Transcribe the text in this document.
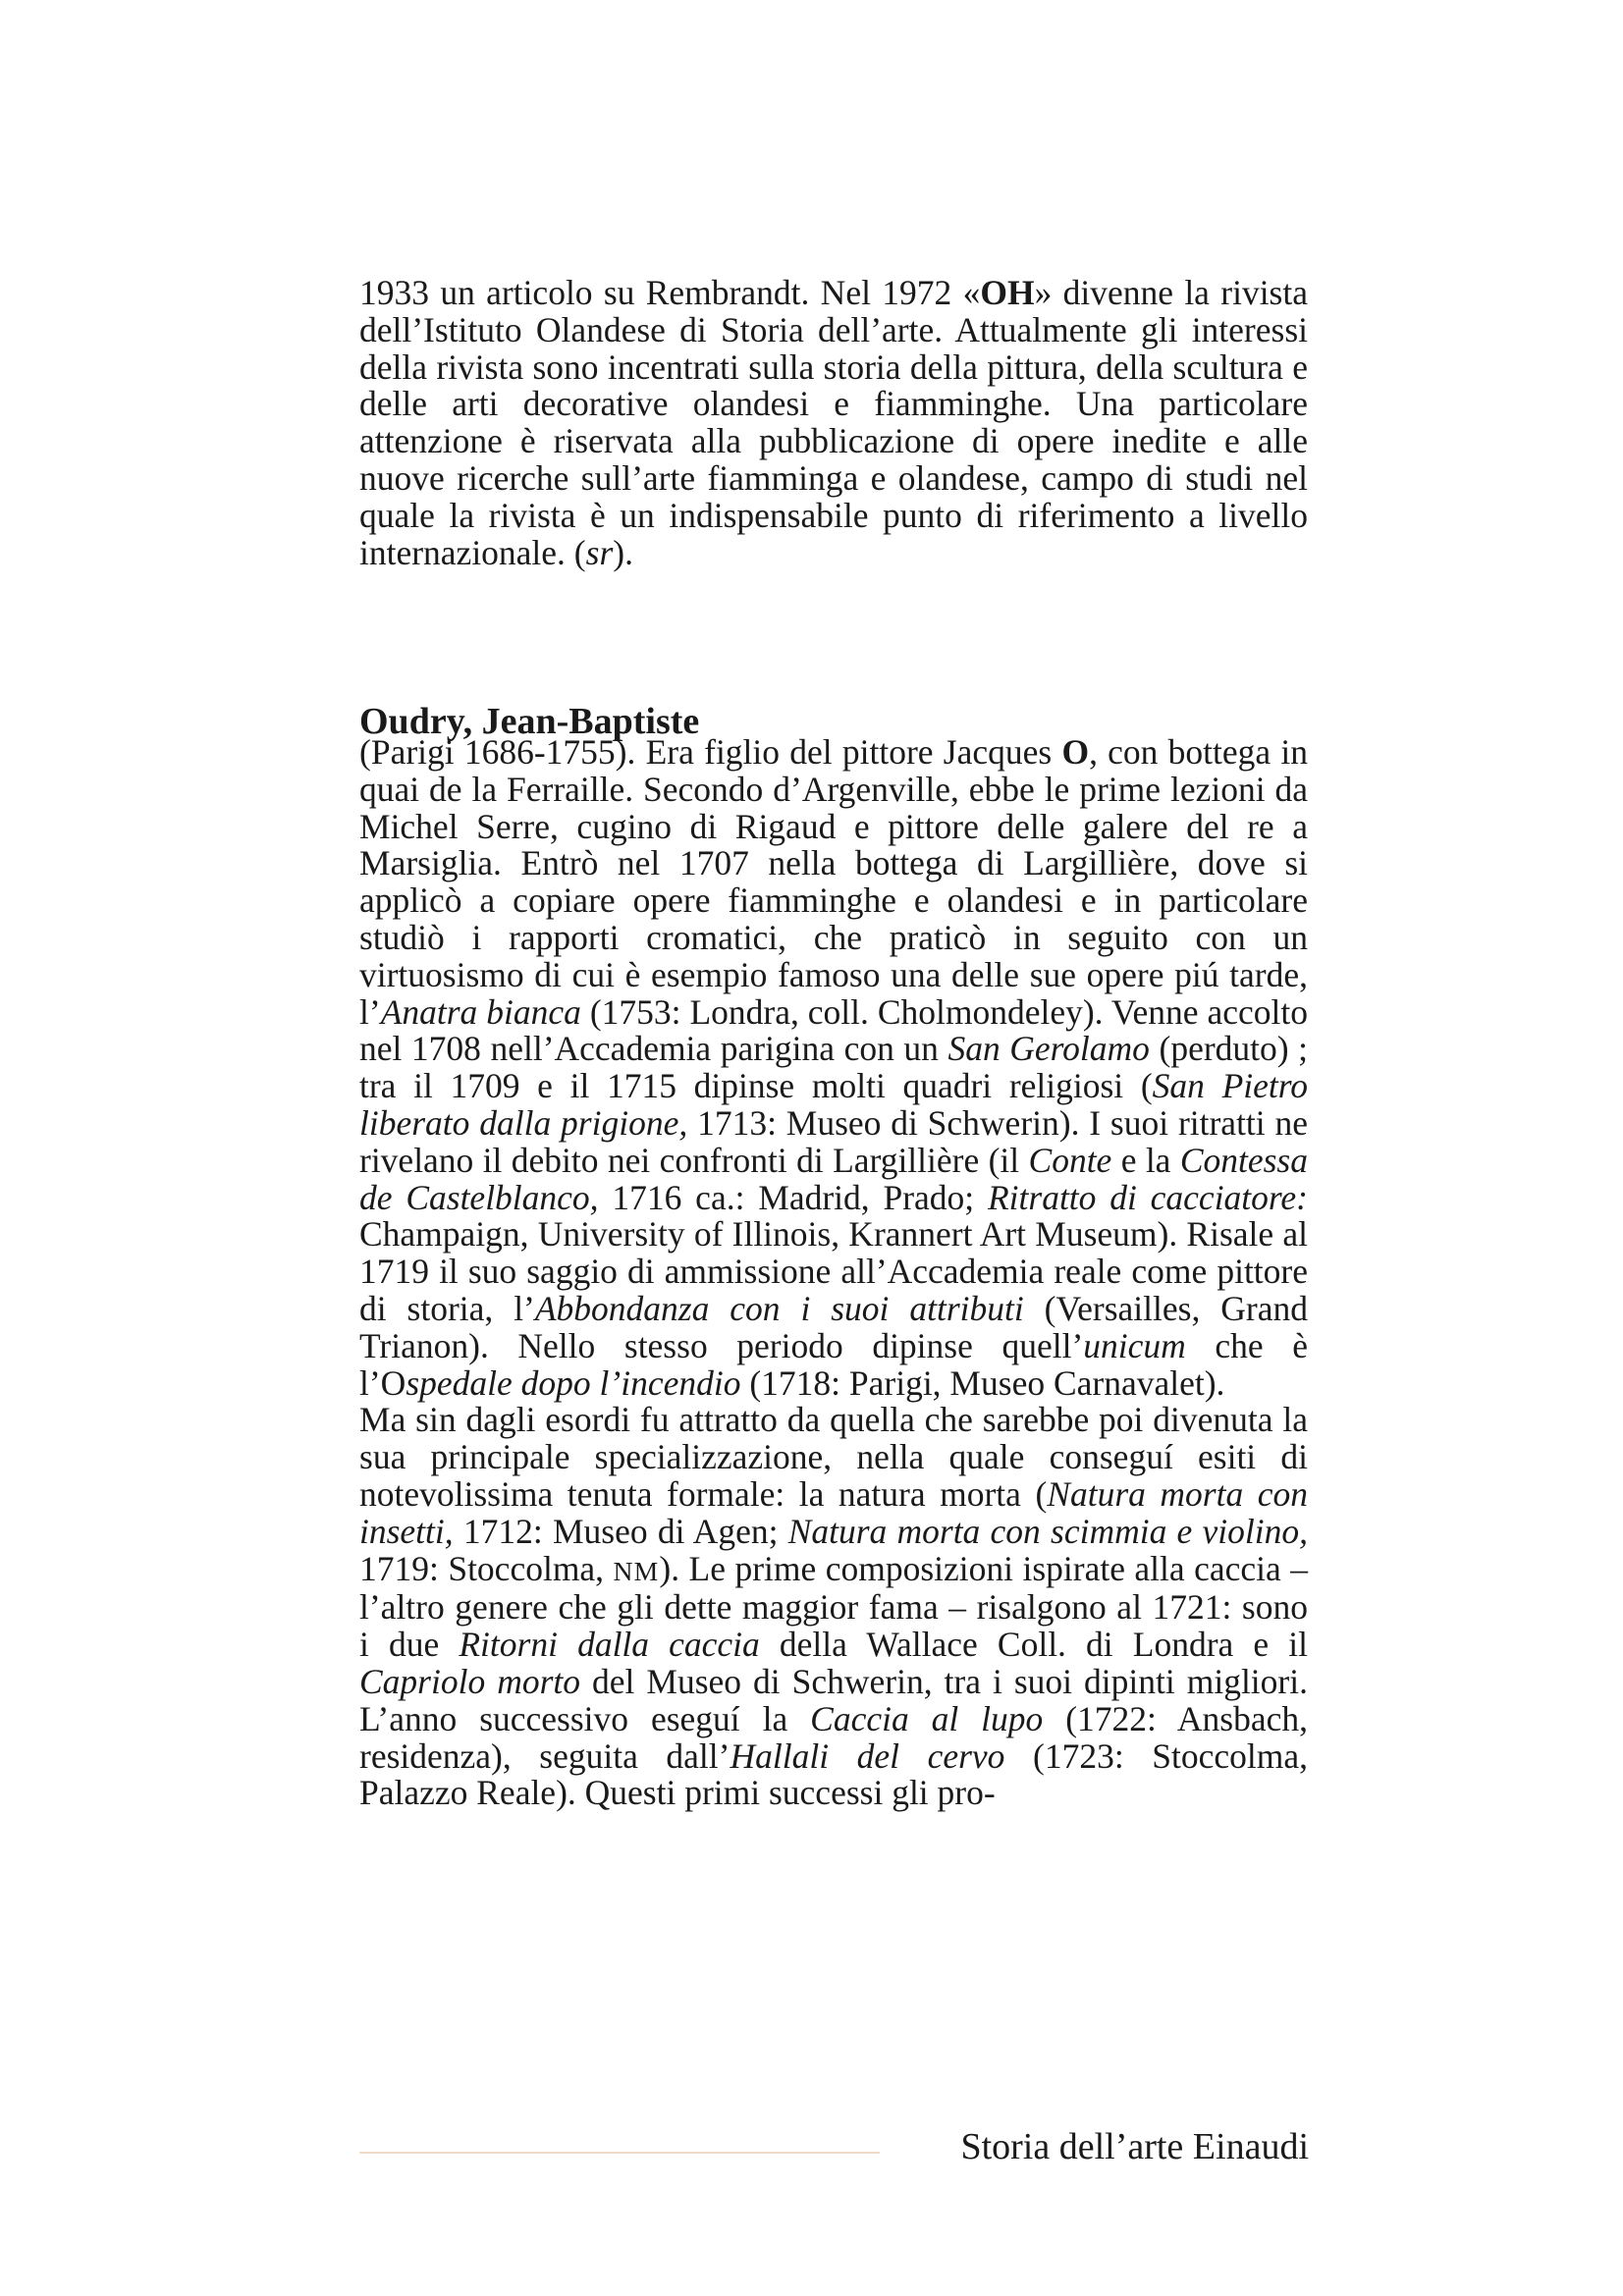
1933 un articolo su Rembrandt. Nel 1972 «OH» divenne la rivista dell’Istituto Olandese di Storia dell’arte. Attualmente gli interessi della rivista sono incentrati sulla storia della pittura, della scultura e delle arti decorative olandesi e fiamminghe. Una particolare attenzione è riservata alla pubblicazione di opere inedite e alle nuove ricerche sull’arte fiamminga e olandese, campo di studi nel quale la rivista è un indispensabile punto di riferimento a livello internazionale. (sr).

Oudry, Jean-Baptiste

(Parigi 1686-1755). Era figlio del pittore Jacques O, con bottega in quai de la Ferraille. Secondo d’Argenville, ebbe le prime lezioni da Michel Serre, cugino di Rigaud e pittore delle galere del re a Marsiglia. Entrò nel 1707 nella bottega di Largillière, dove si applicò a copiare opere fiamminghe e olandesi e in particolare studiò i rapporti cromatici, che praticò in seguito con un virtuosismo di cui è esempio famoso una delle sue opere piú tarde, l’Anatra bianca (1753: Londra, coll. Cholmondeley). Venne accolto nel 1708 nell’Accademia parigina con un San Gerolamo (perduto) ; tra il 1709 e il 1715 dipinse molti quadri religiosi (San Pietro liberato dalla prigione, 1713: Museo di Schwerin). I suoi ritratti ne rivelano il debito nei confronti di Largillière (il Conte e la Contessa de Castelblanco, 1716 ca.: Madrid, Prado; Ritratto di cacciatore: Champaign, University of Illinois, Krannert Art Museum). Risale al 1719 il suo saggio di ammissione all’Accademia reale come pittore di storia, l’Abbondanza con i suoi attributi (Versailles, Grand Trianon). Nello stesso periodo dipinse quell’unicum che è l’Ospedale dopo l’incendio (1718: Parigi, Museo Carnavalet).

Ma sin dagli esordi fu attratto da quella che sarebbe poi divenuta la sua principale specializzazione, nella quale conseguí esiti di notevolissima tenuta formale: la natura morta (Natura morta con insetti, 1712: Museo di Agen; Natura morta con scimmia e violino, 1719: Stoccolma, NM). Le prime composizioni ispirate alla caccia – l’altro genere che gli dette maggior fama – risalgono al 1721: sono i due Ritorni dalla caccia della Wallace Coll. di Londra e il Capriolo morto del Museo di Schwerin, tra i suoi dipinti migliori. L’anno successivo eseguí la Caccia al lupo (1722: Ansbach, residenza), seguita dall’Hallali del cervo (1723: Stoccolma, Palazzo Reale). Questi primi successi gli pro-

Storia dell’arte Einaudi
